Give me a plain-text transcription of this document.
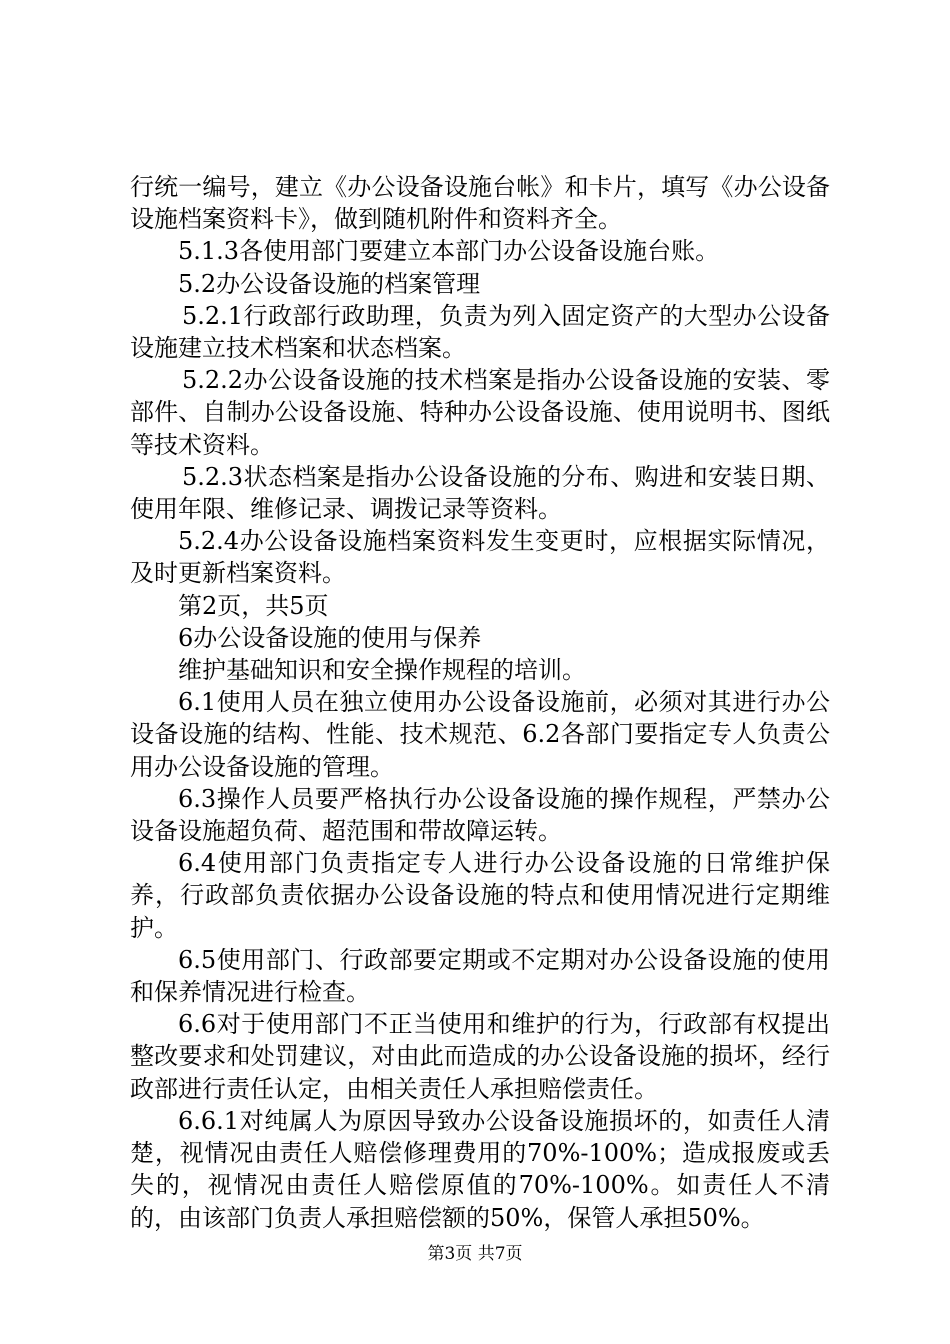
行统一编号，建立《办公设备设施台帐》和卡片，填写《办公设备设施档案资料卡》，做到随机附件和资料齐全。

5.1.3各使用部门要建立本部门办公设备设施台账。

5.2办公设备设施的档案管理

5.2.1行政部行政助理，负责为列入固定资产的大型办公设备设施建立技术档案和状态档案。

5.2.2办公设备设施的技术档案是指办公设备设施的安装、零部件、自制办公设备设施、特种办公设备设施、使用说明书、图纸等技术资料。

5.2.3状态档案是指办公设备设施的分布、购进和安装日期、使用年限、维修记录、调拨记录等资料。

5.2.4办公设备设施档案资料发生变更时，应根据实际情况，及时更新档案资料。

第2页，共5页

6办公设备设施的使用与保养

维护基础知识和安全操作规程的培训。

6.1使用人员在独立使用办公设备设施前，必须对其进行办公设备设施的结构、性能、技术规范、6.2各部门要指定专人负责公用办公设备设施的管理。

6.3操作人员要严格执行办公设备设施的操作规程，严禁办公设备设施超负荷、超范围和带故障运转。

6.4使用部门负责指定专人进行办公设备设施的日常维护保养，行政部负责依据办公设备设施的特点和使用情况进行定期维护。

6.5使用部门、行政部要定期或不定期对办公设备设施的使用和保养情况进行检查。

6.6对于使用部门不正当使用和维护的行为，行政部有权提出整改要求和处罚建议，对由此而造成的办公设备设施的损坏，经行政部进行责任认定，由相关责任人承担赔偿责任。

6.6.1对纯属人为原因导致办公设备设施损坏的，如责任人清楚，视情况由责任人赔偿修理费用的70%-100%；造成报废或丢失的，视情况由责任人赔偿原值的70%-100%。如责任人不清的，由该部门负责人承担赔偿额的50%，保管人承担50%。

第3页 共7页
